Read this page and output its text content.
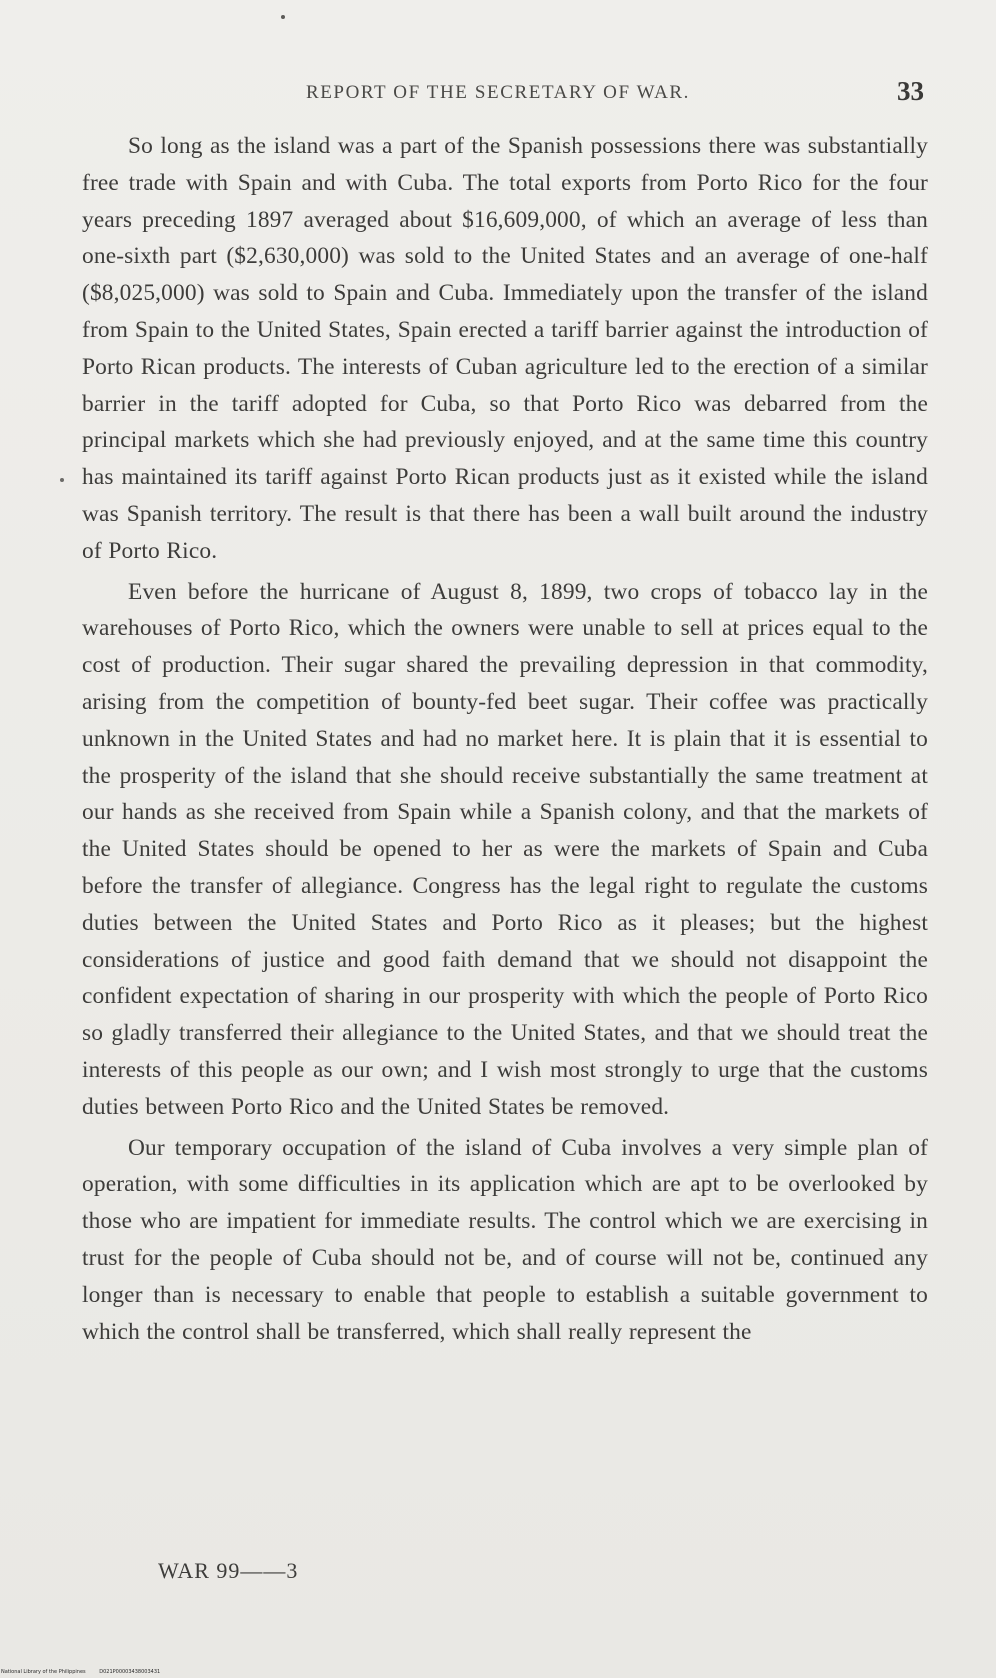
REPORT OF THE SECRETARY OF WAR.	33

So long as the island was a part of the Spanish possessions there was substantially free trade with Spain and with Cuba. The total exports from Porto Rico for the four years preceding 1897 averaged about $16,609,000, of which an average of less than one-sixth part ($2,630,000) was sold to the United States and an average of one-half ($8,025,000) was sold to Spain and Cuba. Immediately upon the transfer of the island from Spain to the United States, Spain erected a tariff barrier against the introduction of Porto Rican products. The interests of Cuban agriculture led to the erection of a similar barrier in the tariff adopted for Cuba, so that Porto Rico was debarred from the principal markets which she had previously enjoyed, and at the same time this country has maintained its tariff against Porto Rican products just as it existed while the island was Spanish territory. The result is that there has been a wall built around the industry of Porto Rico.

Even before the hurricane of August 8, 1899, two crops of tobacco lay in the warehouses of Porto Rico, which the owners were unable to sell at prices equal to the cost of production. Their sugar shared the prevailing depression in that commodity, arising from the competition of bounty-fed beet sugar. Their coffee was practically unknown in the United States and had no market here. It is plain that it is essential to the prosperity of the island that she should receive substantially the same treatment at our hands as she received from Spain while a Spanish colony, and that the markets of the United States should be opened to her as were the markets of Spain and Cuba before the transfer of allegiance. Congress has the legal right to regulate the customs duties between the United States and Porto Rico as it pleases; but the highest considerations of justice and good faith demand that we should not disappoint the confident expectation of sharing in our prosperity with which the people of Porto Rico so gladly transferred their allegiance to the United States, and that we should treat the interests of this people as our own; and I wish most strongly to urge that the customs duties between Porto Rico and the United States be removed.

Our temporary occupation of the island of Cuba involves a very simple plan of operation, with some difficulties in its application which are apt to be overlooked by those who are impatient for immediate results. The control which we are exercising in trust for the people of Cuba should not be, and of course will not be, continued any longer than is necessary to enable that people to establish a suitable government to which the control shall be transferred, which shall really represent the

WAR 99——3
National Library of the Philippines	D021P00003438003431
